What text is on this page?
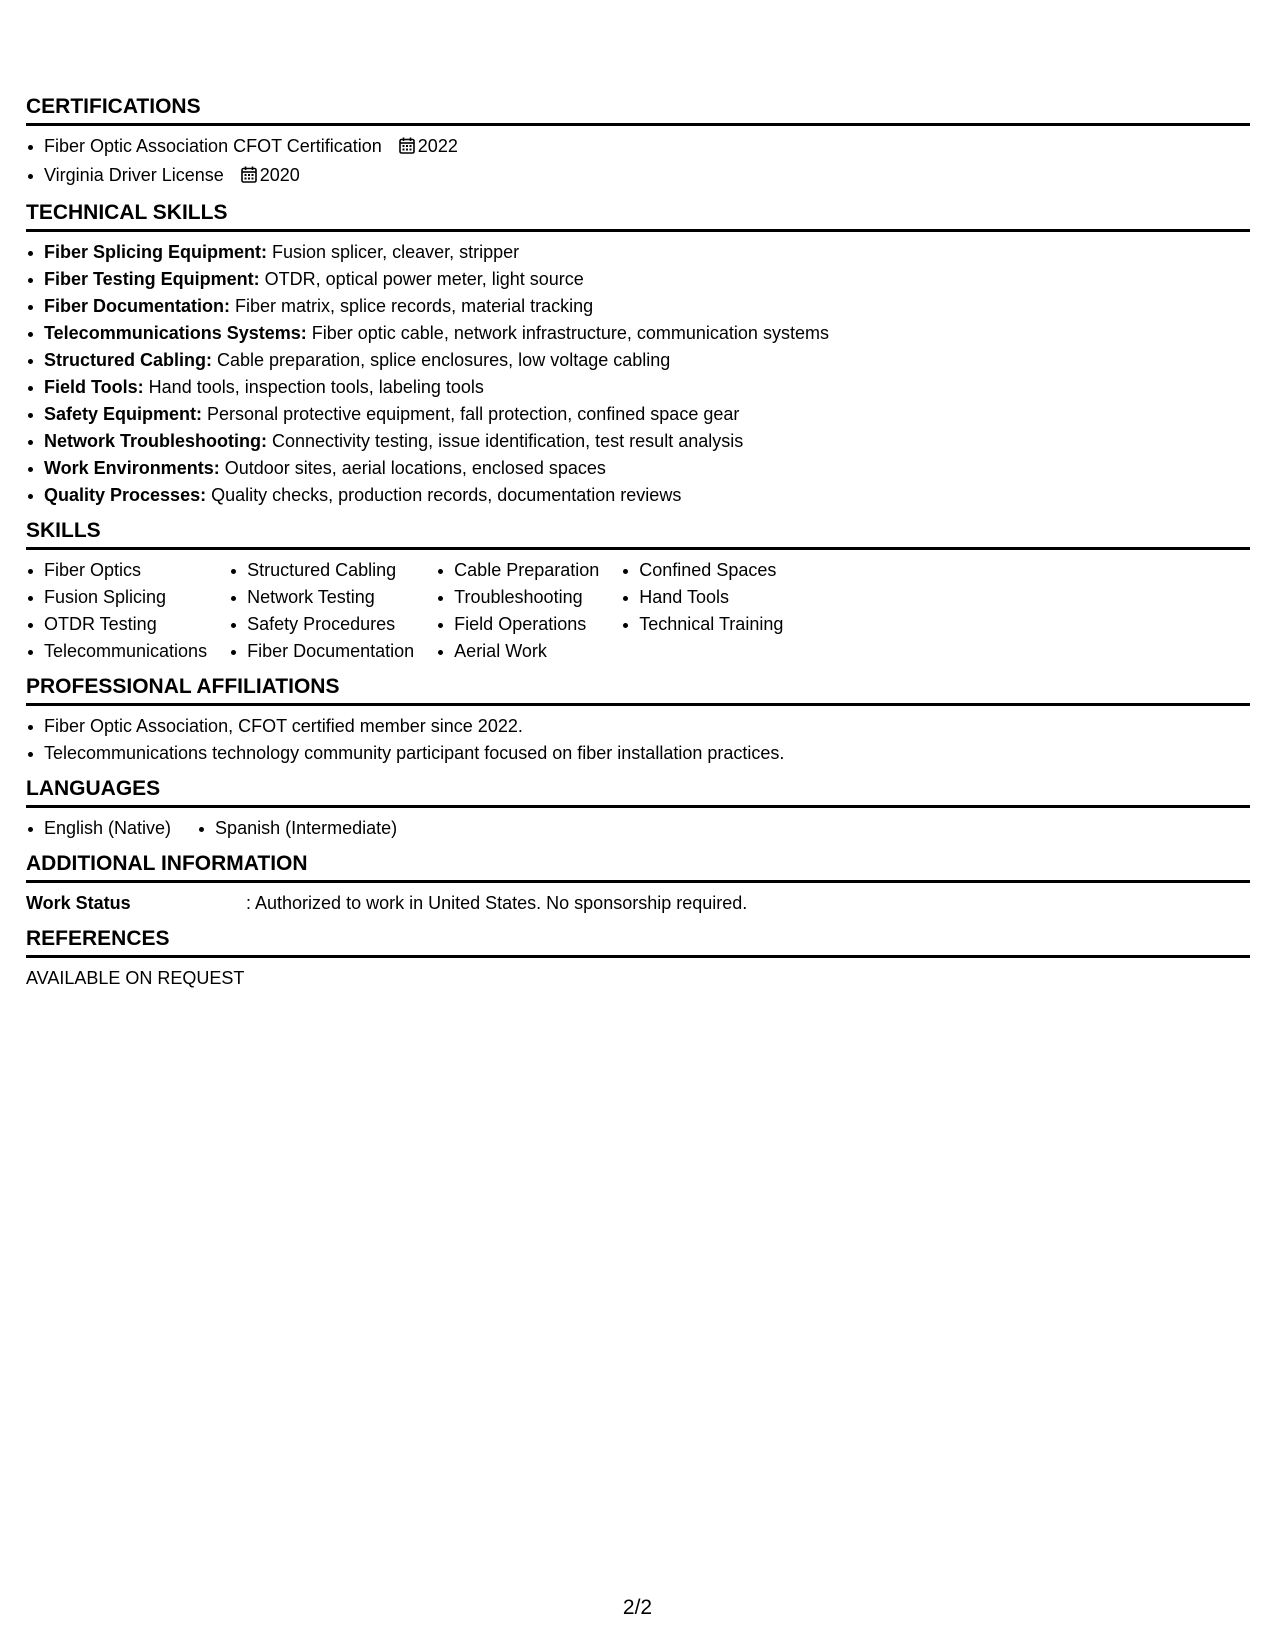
CERTIFICATIONS
Fiber Optic Association CFOT Certification 2022
Virginia Driver License 2020
TECHNICAL SKILLS
Fiber Splicing Equipment: Fusion splicer, cleaver, stripper
Fiber Testing Equipment: OTDR, optical power meter, light source
Fiber Documentation: Fiber matrix, splice records, material tracking
Telecommunications Systems: Fiber optic cable, network infrastructure, communication systems
Structured Cabling: Cable preparation, splice enclosures, low voltage cabling
Field Tools: Hand tools, inspection tools, labeling tools
Safety Equipment: Personal protective equipment, fall protection, confined space gear
Network Troubleshooting: Connectivity testing, issue identification, test result analysis
Work Environments: Outdoor sites, aerial locations, enclosed spaces
Quality Processes: Quality checks, production records, documentation reviews
SKILLS
Fiber Optics
Fusion Splicing
OTDR Testing
Telecommunications
Structured Cabling
Network Testing
Safety Procedures
Fiber Documentation
Cable Preparation
Troubleshooting
Field Operations
Aerial Work
Confined Spaces
Hand Tools
Technical Training
PROFESSIONAL AFFILIATIONS
Fiber Optic Association, CFOT certified member since 2022.
Telecommunications technology community participant focused on fiber installation practices.
LANGUAGES
English (Native)	Spanish (Intermediate)
ADDITIONAL INFORMATION
Work Status	: Authorized to work in United States. No sponsorship required.
REFERENCES
AVAILABLE ON REQUEST
2/2
